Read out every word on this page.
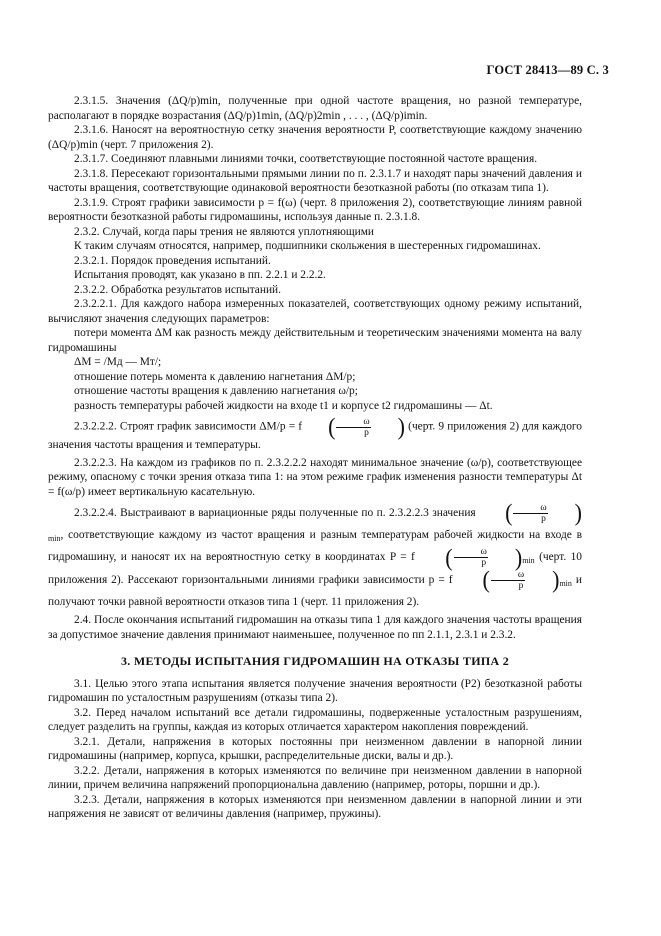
ГОСТ 28413—89 С. 3

2.3.1.5. Значения (ΔQ/p)min, полученные при одной частоте вращения, но разной температуре, располагают в порядке возрастания (ΔQ/p)1min, (ΔQ/p)2min , . . . , (ΔQ/p)imin.

2.3.1.6. Наносят на вероятностную сетку значения вероятности P, соответствующие каждому значению (ΔQ/p)min (черт. 7 приложения 2).

2.3.1.7. Соединяют плавными линиями точки, соответствующие постоянной частоте вращения.

2.3.1.8. Пересекают горизонтальными прямыми линии по п. 2.3.1.7 и находят пары значений давления и частоты вращения, соответствующие одинаковой вероятности безотказной работы (по отказам типа 1).

2.3.1.9. Строят графики зависимости p = f(ω) (черт. 8 приложения 2), соответствующие линиям равной вероятности безотказной работы гидромашины, используя данные п. 2.3.1.8.

2.3.2. Случай, когда пары трения не являются уплотняющими

К таким случаям относятся, например, подшипники скольжения в шестеренных гидромашинах.

2.3.2.1. Порядок проведения испытаний.

Испытания проводят, как указано в пп. 2.2.1 и 2.2.2.

2.3.2.2. Обработка результатов испытаний.

2.3.2.2.1. Для каждого набора измеренных показателей, соответствующих одному режиму испытаний, вычисляют значения следующих параметров:

потери момента ΔM как разность между действительным и теоретическим значениями момента на валу гидромашины

ΔM = /Mд — Mт/;

отношение потерь момента к давлению нагнетания ΔM/p;

отношение частоты вращения к давлению нагнетания ω/p;

разность температуры рабочей жидкости на входе t1 и корпусе t2 гидромашины — Δt.

2.3.2.2.2. Строят график зависимости ΔM/p = f ( $\frac{\omega}{p}$ ) (черт. 9 приложения 2) для каждого значения частоты вращения и температуры.

2.3.2.2.3. На каждом из графиков по п. 2.3.2.2.2 находят минимальное значение (ω/p), соответствующее режиму, опасному с точки зрения отказа типа 1: на этом режиме график изменения разности температуры Δt = f(ω/p) имеет вертикальную касательную.

2.3.2.2.4. Выстраивают в вариационные ряды полученные по п. 2.3.2.2.3 значения ( $\frac{\omega}{p} )_{min}$, соответствующие каждому из частот вращения и разным температурам рабочей жидкости на входе в гидромашину, и наносят их на вероятностную сетку в координатах P = f ( $\frac{\omega}{p} )_{min}$ (черт. 10 приложения 2). Рассекают горизонтальными линиями графики зависимости p = f ( $\frac{\omega}{p} )_{min}$ и получают точки равной вероятности отказов типа 1 (черт. 11 приложения 2).

2.4. После окончания испытаний гидромашин на отказы типа 1 для каждого значения частоты вращения за допустимое значение давления принимают наименьшее, полученное по пп 2.1.1, 2.3.1 и 2.3.2.

3. МЕТОДЫ ИСПЫТАНИЯ ГИДРОМАШИН НА ОТКАЗЫ ТИПА 2

3.1. Целью этого этапа испытания является получение значения вероятности (P2) безотказной работы гидромашин по усталостным разрушениям (отказы типа 2).

3.2. Перед началом испытаний все детали гидромашины, подверженные усталостным разрушениям, следует разделить на группы, каждая из которых отличается характером накопления повреждений.

3.2.1. Детали, напряжения в которых постоянны при неизменном давлении в напорной линии гидромашины (например, корпуса, крышки, распределительные диски, валы и др.).

3.2.2. Детали, напряжения в которых изменяются по величине при неизменном давлении в напорной линии, причем величина напряжений пропорциональна давлению (например, роторы, поршни и др.).

3.2.3. Детали, напряжения в которых изменяются при неизменном давлении в напорной линии и эти напряжения не зависят от величины давления (например, пружины).
